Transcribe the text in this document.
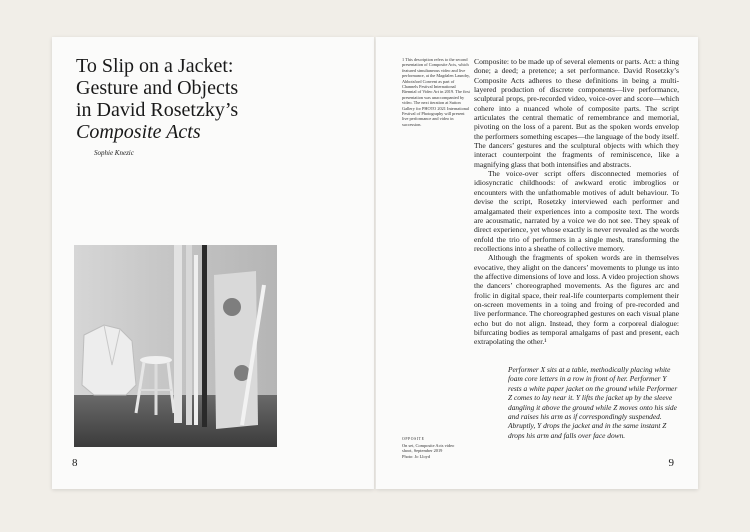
To Slip on a Jacket:
Gesture and Objects
in David Rosetzky’s
Composite Acts
Sophie Knezic
8
1 This description refers to the second presentation of Composite Acts, which featured simultaneous video and live performance, at the Magdalen Laundry, Abbotsford Convent as part of Channels Festival International Biennial of Video Art in 2019. The first presentation was unaccompanied by video. The next iteration at Sutton Gallery for PHOTO 2021 International Festival of Photography will present live performance and video in succession.

Composite: to be made up of several elements or parts. Act: a thing done; a deed; a pretence; a set performance. David Rosetzky’s Composite Acts adheres to these definitions in being a multi-layered production of discrete components—live performance, sculptural props, pre-recorded video, voice-over and score—which cohere into a nuanced whole of composite parts. The script articulates the central thematic of remembrance and memorial, pivoting on the loss of a parent. But as the spoken words envelop the performers something escapes—the language of the body itself. The dancers’ gestures and the sculptural objects with which they interact counterpoint the fragments of reminiscence, like a magnifying glass that both intensifies and abstracts.

The voice-over script offers disconnected memories of idiosyncratic childhoods: of awkward erotic imbroglios or encounters with the unfathomable motives of adult behaviour. To devise the script, Rosetzky interviewed each performer and amalgamated their experiences into a composite text. The words are acousmatic, narrated by a voice we do not see. They speak of direct experience, yet whose exactly is never revealed as the words enfold the trio of performers in a single mesh, transforming the recollections into a sheathe of collective memory.

Although the fragments of spoken words are in themselves evocative, they alight on the dancers’ movements to plunge us into the affective dimensions of love and loss. A video projection shows the dancers’ choreographed movements. As the figures arc and frolic in digital space, their real-life counterparts complement their on-screen movements in a toing and froing of pre-recorded and live performance. The choreographed gestures on each visual plane echo but do not align. Instead, they form a corporeal dialogue: bifurcating bodies as temporal amalgams of past and present, each extrapolating the other.¹

Performer X sits at a table, methodically placing white foam core letters in a row in front of her. Performer Y rests a white paper jacket on the ground while Performer Z comes to lay near it. Y lifts the jacket up by the sleeve dangling it above the ground while Z moves onto his side and raises his arm as if correspondingly suspended. Abruptly, Y drops the jacket and in the same instant Z drops his arm and falls over face down.
OPPOSITE
On set, Composite Acts video
shoot, September 2019
Photo: Jo Lloyd
9
